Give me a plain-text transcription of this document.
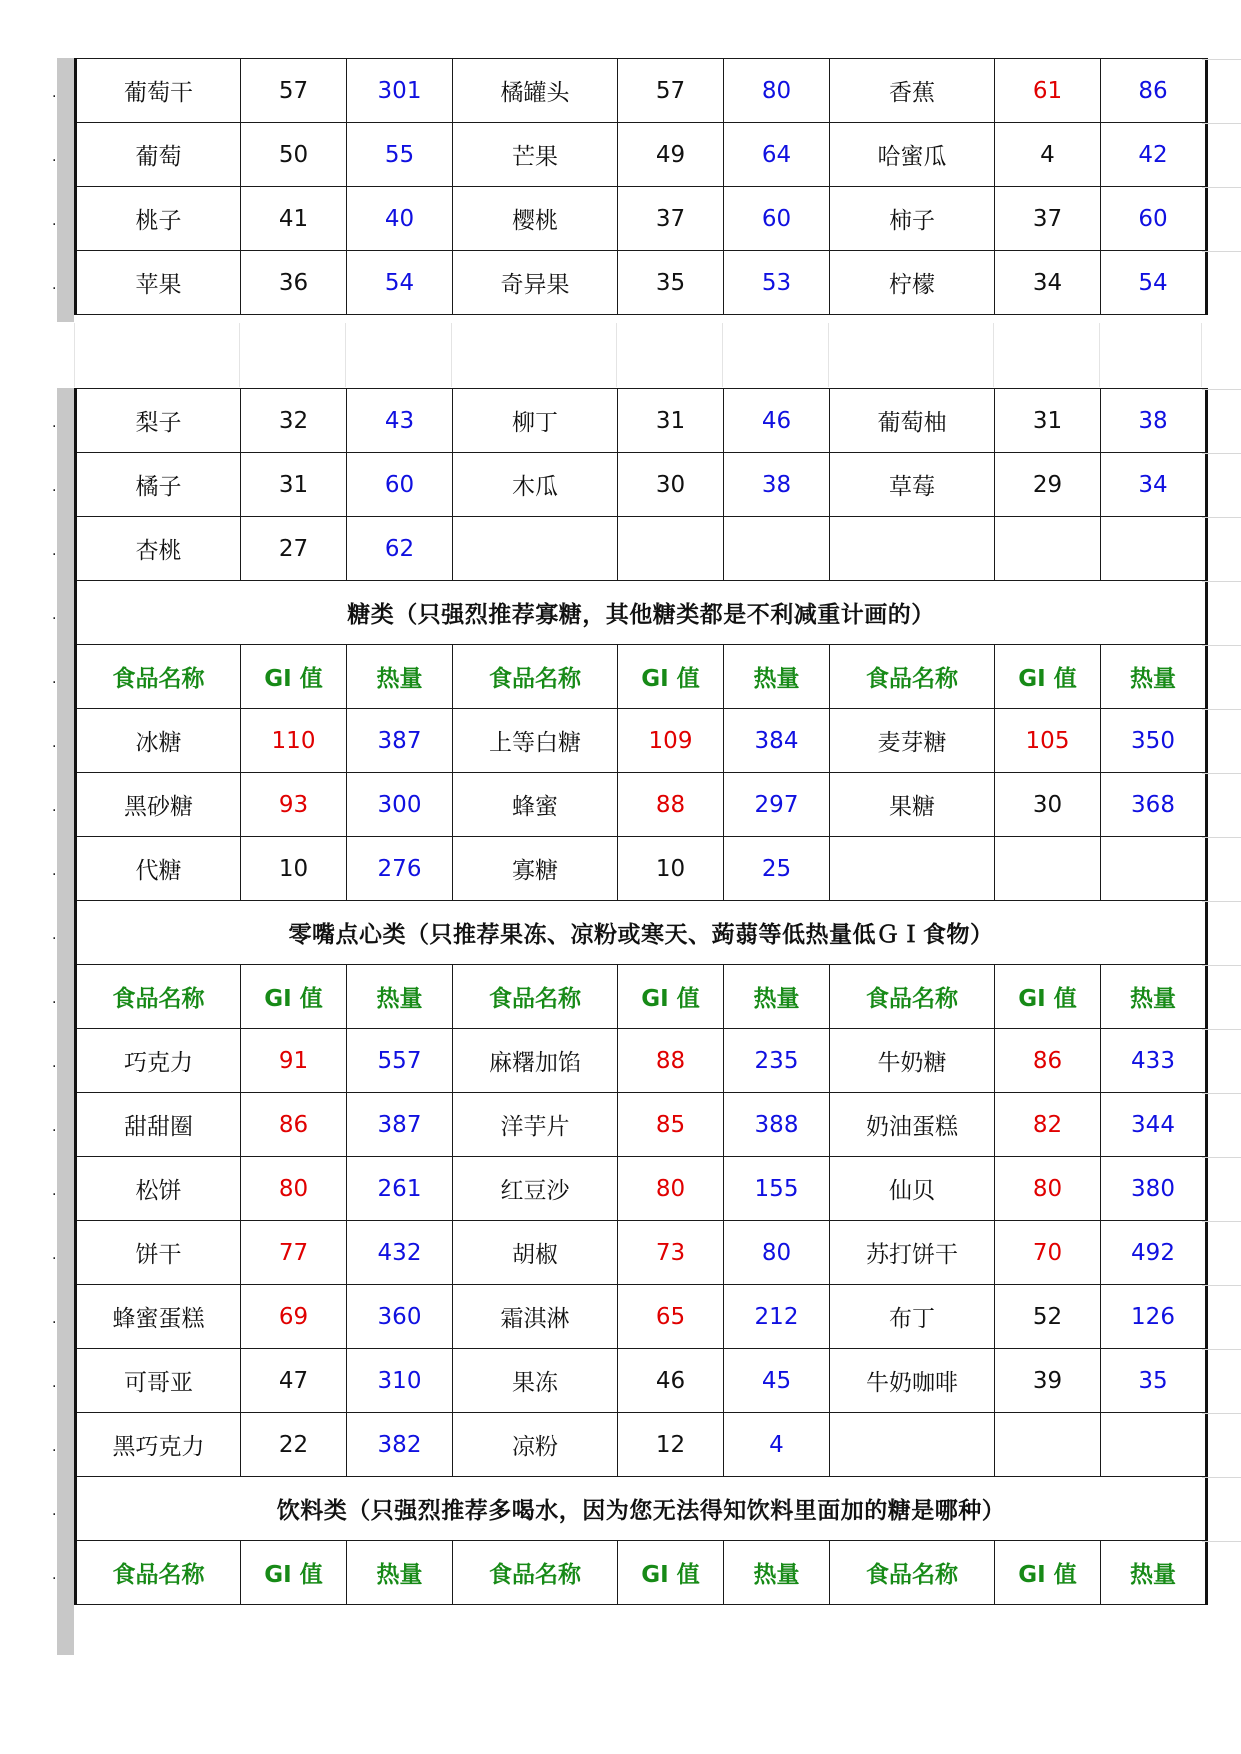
.
.
.
.
.
.
.
.
.
.
.
.
.
.
.
.
.
.
.
.
.
.
.
葡萄干	57	301	橘罐头	57	80	香蕉	61	86
葡萄	50	55	芒果	49	64	哈蜜瓜	4	42
桃子	41	40	樱桃	37	60	柿子	37	60
苹果	36	54	奇异果	35	53	柠檬	34	54
梨子	32	43	柳丁	31	46	葡萄柚	31	38
橘子	31	60	木瓜	30	38	草莓	29	34
杏桃	27	62						
糖类（只强烈推荐寡糖，其他糖类都是不利减重计画的）								
食品名称	GI 值	热量	食品名称	GI 值	热量	食品名称	GI 值	热量
冰糖	110	387	上等白糖	109	384	麦芽糖	105	350
黑砂糖	93	300	蜂蜜	88	297	果糖	30	368
代糖	10	276	寡糖	10	25			
零嘴点心类（只推荐果冻、凉粉或寒天、蒟蒻等低热量低ＧＩ食物）								
食品名称	GI 值	热量	食品名称	GI 值	热量	食品名称	GI 值	热量
巧克力	91	557	麻糬加馅	88	235	牛奶糖	86	433
甜甜圈	86	387	洋芋片	85	388	奶油蛋糕	82	344
松饼	80	261	红豆沙	80	155	仙贝	80	380
饼干	77	432	胡椒	73	80	苏打饼干	70	492
蜂蜜蛋糕	69	360	霜淇淋	65	212	布丁	52	126
可哥亚	47	310	果冻	46	45	牛奶咖啡	39	35
黑巧克力	22	382	凉粉	12	4			
饮料类（只强烈推荐多喝水，因为您无法得知饮料里面加的糖是哪种）								
食品名称	GI 值	热量	食品名称	GI 值	热量	食品名称	GI 值	热量
